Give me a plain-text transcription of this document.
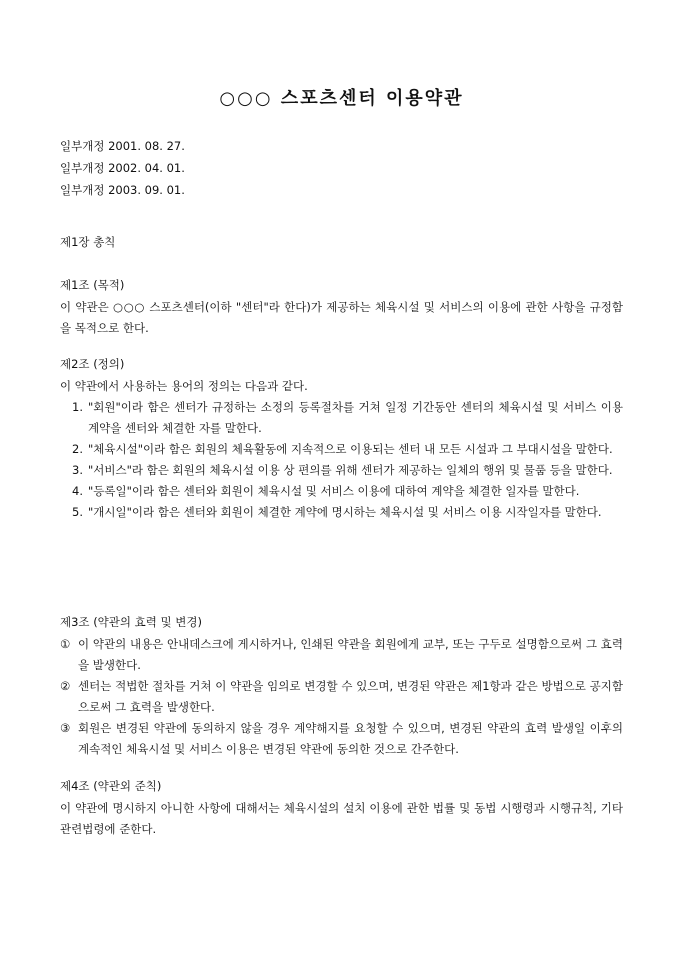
○○○ 스포츠센터 이용약관
일부개정 2001. 08. 27.
일부개정 2002. 04. 01.
일부개정 2003. 09. 01.
제1장 총칙
제1조 (목적)

이 약관은 ○○○ 스포츠센터(이하 "센터"라 한다)가 제공하는 체육시설 및 서비스의 이용에 관한 사항을 규정함을 목적으로 한다.

제2조 (정의)

이 약관에서 사용하는 용어의 정의는 다음과 같다.

1. "회원"이라 함은 센터가 규정하는 소정의 등록절차를 거쳐 일정 기간동안 센터의 체육시설 및 서비스 이용계약을 센터와 체결한 자를 말한다.
2. "체육시설"이라 함은 회원의 체육활동에 지속적으로 이용되는 센터 내 모든 시설과 그 부대시설을 말한다.
3. "서비스"라 함은 회원의 체육시설 이용 상 편의를 위해 센터가 제공하는 일체의 행위 및 물품 등을 말한다.
4. "등록일"이라 함은 센터와 회원이 체육시설 및 서비스 이용에 대하여 계약을 체결한 일자를 말한다.
5. "개시일"이라 함은 센터와 회원이 체결한 계약에 명시하는 체육시설 및 서비스 이용 시작일자를 말한다.
제3조 (약관의 효력 및 변경)
① 이 약관의 내용은 안내데스크에 게시하거나, 인쇄된 약관을 회원에게 교부, 또는 구두로 설명함으로써 그 효력을 발생한다.
② 센터는 적법한 절차를 거쳐 이 약관을 임의로 변경할 수 있으며, 변경된 약관은 제1항과 같은 방법으로 공지함으로써 그 효력을 발생한다.
③ 회원은 변경된 약관에 동의하지 않을 경우 계약해지를 요청할 수 있으며, 변경된 약관의 효력 발생일 이후의 계속적인 체육시설 및 서비스 이용은 변경된 약관에 동의한 것으로 간주한다.
제4조 (약관외 준칙)

이 약관에 명시하지 아니한 사항에 대해서는 체육시설의 설치 이용에 관한 법률 및 동법 시행령과 시행규칙, 기타 관련법령에 준한다.
